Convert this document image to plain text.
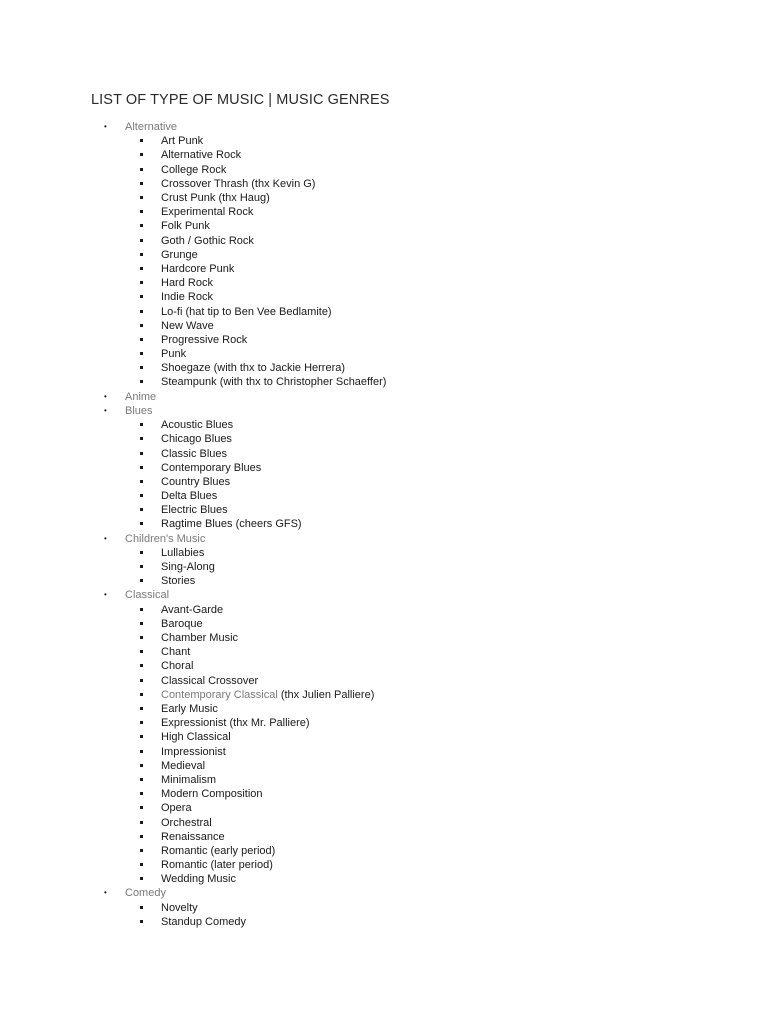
LIST OF TYPE OF MUSIC | MUSIC GENRES
• Alternative
Art Punk
Alternative Rock
College Rock
Crossover Thrash (thx Kevin G)
Crust Punk (thx Haug)
Experimental Rock
Folk Punk
Goth / Gothic Rock
Grunge
Hardcore Punk
Hard Rock
Indie Rock
Lo-fi (hat tip to Ben Vee Bedlamite)
New Wave
Progressive Rock
Punk
Shoegaze (with thx to Jackie Herrera)
Steampunk (with thx to Christopher Schaeffer)
• Anime
• Blues
Acoustic Blues
Chicago Blues
Classic Blues
Contemporary Blues
Country Blues
Delta Blues
Electric Blues
Ragtime Blues (cheers GFS)
• Children's Music
Lullabies
Sing-Along
Stories
• Classical
Avant-Garde
Baroque
Chamber Music
Chant
Choral
Classical Crossover
Contemporary Classical (thx Julien Palliere)
Early Music
Expressionist (thx Mr. Palliere)
High Classical
Impressionist
Medieval
Minimalism
Modern Composition
Opera
Orchestral
Renaissance
Romantic (early period)
Romantic (later period)
Wedding Music
• Comedy
Novelty
Standup Comedy
